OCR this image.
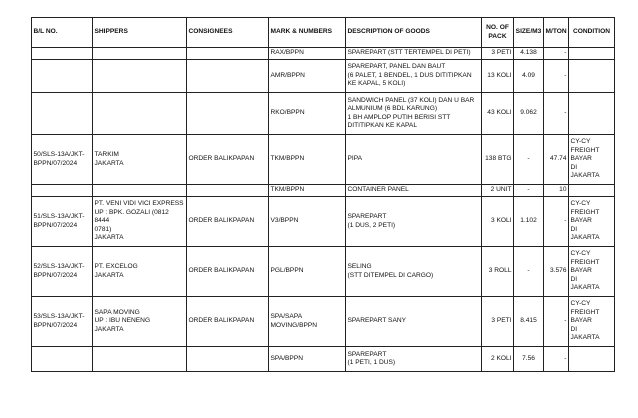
B/L NO.	SHIPPERS	CONSIGNEES	MARK & NUMBERS	DESCRIPTION OF GOODS	NO. OF
PACK	SIZE/M3	M/TON	CONDITION
			RAX/BPPN	SPAREPART (STT TERTEMPEL DI PETI)	3 PETI	4.138	-	
			AMR/BPPN	SPAREPART, PANEL DAN BAUT
(6 PALET, 1 BENDEL, 1 DUS DITITIPKAN
KE KAPAL, 5 KOLI)	13 KOLI	4.09	-	
			RKO/BPPN	SANDWICH PANEL (37 KOLI) DAN U BAR
ALMUNIUM (6 BDL KARUNG)
1 BH AMPLOP PUTIH BERISI STT
DITITIPKAN KE KAPAL	43 KOLI	9.062	-	
50/SLS-13A/JKT-
BPPN/07/2024	TARKIM
JAKARTA	ORDER BALIKPAPAN	TKM/BPPN	PIPA	138 BTG	-	47.74	CY-CY
FREIGHT
BAYAR
DI
JAKARTA
			TKM/BPPN	CONTAINER PANEL	2 UNIT	-	10	
51/SLS-13A/JKT-
BPPN/07/2024	PT. VENI VIDI VICI EXPRESS
UP : BPK. GOZALI (0812 8444
0781)
JAKARTA	ORDER BALIKPAPAN	V3/BPPN	SPAREPART
(1 DUS, 2 PETI)	3 KOLI	1.102	-	CY-CY
FREIGHT
BAYAR
DI
JAKARTA
52/SLS-13A/JKT-
BPPN/07/2024	PT. EXCELOG
JAKARTA	ORDER BALIKPAPAN	PGL/BPPN	SELING
(STT DITEMPEL DI CARGO)	3 ROLL	-	3.576	CY-CY
FREIGHT
BAYAR
DI
JAKARTA
53/SLS-13A/JKT-
BPPN/07/2024	SAPA MOVING
UP : IBU NENENG
JAKARTA	ORDER BALIKPAPAN	SPA/SAPA
MOVING/BPPN	SPAREPART SANY	3 PETI	8.415	-	CY-CY
FREIGHT
BAYAR
DI
JAKARTA
			SPA/BPPN	SPAREPART
(1 PETI, 1 DUS)	2 KOLI	7.56	-	
